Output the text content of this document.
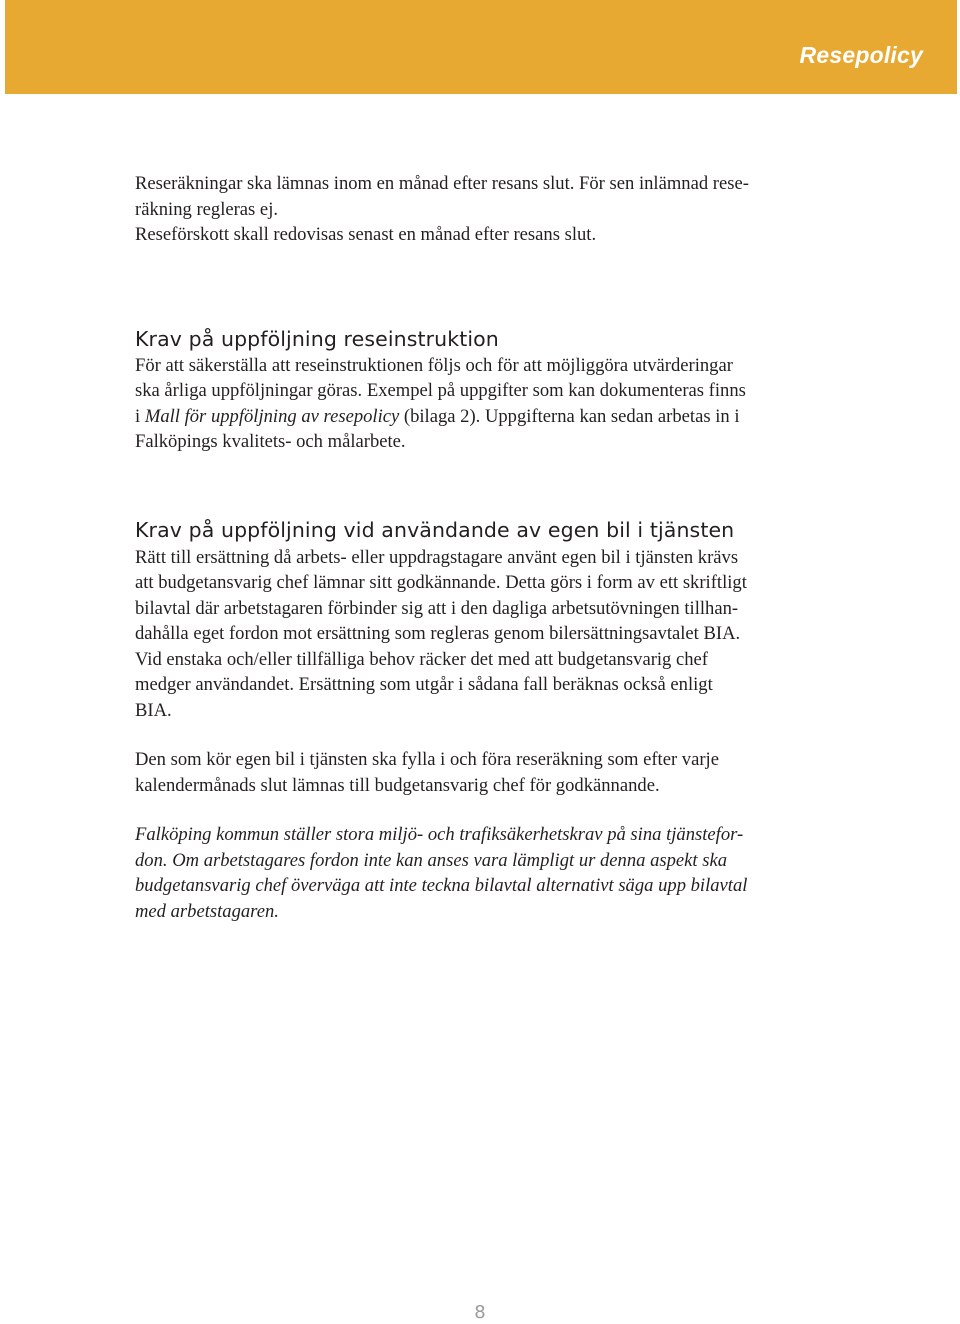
Resepolicy

Reseräkningar ska lämnas inom en månad efter resans slut. För sen inlämnad rese-
räkning regleras ej.
Reseförskott skall redovisas senast en månad efter resans slut.

Krav på uppföljning reseinstruktion

För att säkerställa att reseinstruktionen följs och för att möjliggöra utvärderingar
ska årliga uppföljningar göras. Exempel på uppgifter som kan dokumenteras finns
i Mall för uppföljning av resepolicy (bilaga 2). Uppgifterna kan sedan arbetas in i
Falköpings kvalitets- och målarbete.

Krav på uppföljning vid användande av egen bil i tjänsten

Rätt till ersättning då arbets- eller uppdragstagare använt egen bil i tjänsten krävs
att budgetansvarig chef lämnar sitt godkännande. Detta görs i form av ett skriftligt
bilavtal där arbetstagaren förbinder sig att i den dagliga arbetsutövningen tillhan-
dahålla eget fordon mot ersättning som regleras genom bilersättningsavtalet BIA.
Vid enstaka och/eller tillfälliga behov räcker det med att budgetansvarig chef
medger användandet. Ersättning som utgår i sådana fall beräknas också enligt
BIA.

Den som kör egen bil i tjänsten ska fylla i och föra reseräkning som efter varje
kalendermånads slut lämnas till budgetansvarig chef för godkännande.

Falköping kommun ställer stora miljö- och trafiksäkerhetskrav på sina tjänstefor-
don. Om arbetstagares fordon inte kan anses vara lämpligt ur denna aspekt ska
budgetansvarig chef överväga att inte teckna bilavtal alternativt säga upp bilavtal
med arbetstagaren.

8
